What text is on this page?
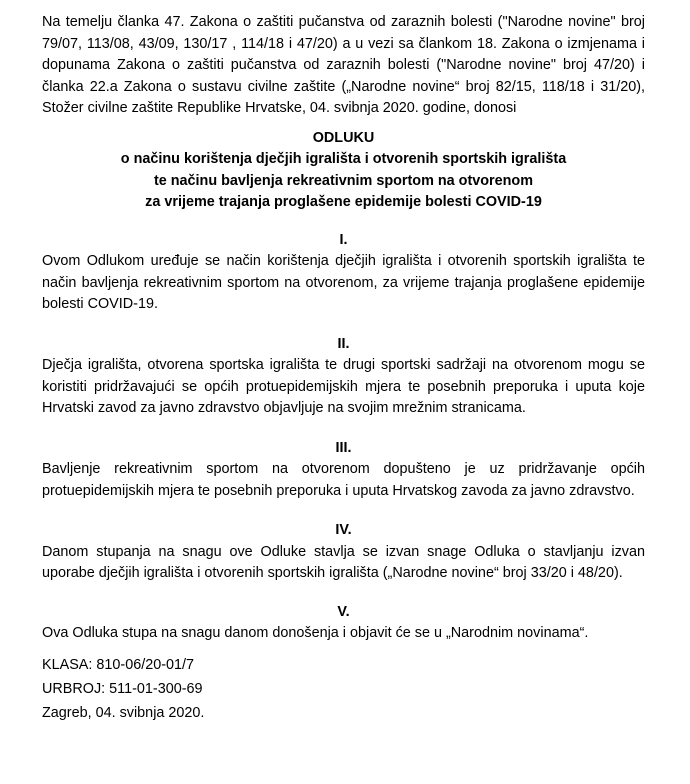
Na temelju članka 47. Zakona o zaštiti pučanstva od zaraznih bolesti ("Narodne novine" broj 79/07, 113/08, 43/09, 130/17 , 114/18 i 47/20) a u vezi sa člankom 18. Zakona o izmjenama i dopunama Zakona o zaštiti pučanstva od zaraznih bolesti ("Narodne novine" broj 47/20) i članka 22.a Zakona o sustavu civilne zaštite („Narodne novine“ broj 82/15, 118/18 i 31/20), Stožer civilne zaštite Republike Hrvatske, 04. svibnja 2020. godine, donosi

ODLUKU
o načinu korištenja dječjih igrališta i otvorenih sportskih igrališta
te načinu bavljenja rekreativnim sportom na otvorenom
za vrijeme trajanja proglašene epidemije bolesti COVID-19

I.

Ovom Odlukom uređuje se način korištenja dječjih igrališta i otvorenih sportskih igrališta te način bavljenja rekreativnim sportom na otvorenom, za vrijeme trajanja proglašene epidemije bolesti COVID-19.

II.

Dječja igrališta, otvorena sportska igrališta te drugi sportski sadržaji na otvorenom mogu se koristiti pridržavajući se općih protuepidemijskih mjera te posebnih preporuka i uputa koje Hrvatski zavod za javno zdravstvo objavljuje na svojim mrežnim stranicama.

III.

Bavljenje rekreativnim sportom na otvorenom dopušteno je uz pridržavanje općih protuepidemijskih mjera te posebnih preporuka i uputa Hrvatskog zavoda za javno zdravstvo.

IV.

Danom stupanja na snagu ove Odluke stavlja se izvan snage Odluka o stavljanju izvan uporabe dječjih igrališta i otvorenih sportskih igrališta („Narodne novine“ broj 33/20 i 48/20).

V.

Ova Odluka stupa na snagu danom donošenja i objavit će se u „Narodnim novinama“.

KLASA: 810-06/20-01/7
URBROJ: 511-01-300-69
Zagreb, 04. svibnja 2020.
